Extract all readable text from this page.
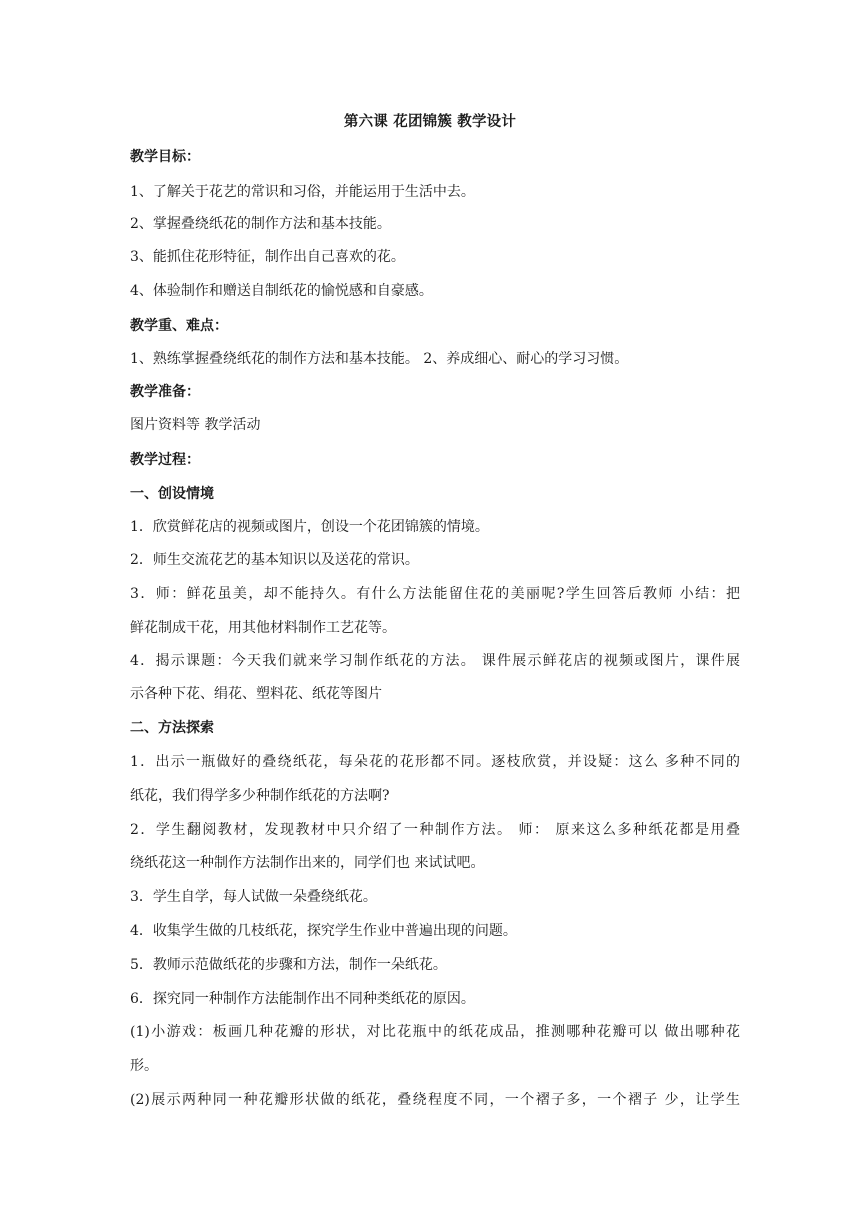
第六课 花团锦簇 教学设计
教学目标：
1、了解关于花艺的常识和习俗，并能运用于生活中去。
2、掌握叠绕纸花的制作方法和基本技能。
3、能抓住花形特征，制作出自己喜欢的花。
4、体验制作和赠送自制纸花的愉悦感和自豪感。
教学重、难点：
1、熟练掌握叠绕纸花的制作方法和基本技能。 2、养成细心、耐心的学习习惯。
教学准备：
图片资料等 教学活动
教学过程：
一、创设情境
1．欣赏鲜花店的视频或图片，创设一个花团锦簇的情境。
2．师生交流花艺的基本知识以及送花的常识。
3．师：鲜花虽美，却不能持久。有什么方法能留住花的美丽呢?学生回答后教师 小结：把
鲜花制成干花，用其他材料制作工艺花等。
4．揭示课题：今天我们就来学习制作纸花的方法。 课件展示鲜花店的视频或图片，课件展
示各种下花、绢花、塑料花、纸花等图片
二、方法探索
1．出示一瓶做好的叠绕纸花，每朵花的花形都不同。逐枝欣赏，并设疑：这么 多种不同的
纸花，我们得学多少种制作纸花的方法啊?
2．学生翻阅教材，发现教材中只介绍了一种制作方法。 师： 原来这么多种纸花都是用叠
绕纸花这一种制作方法制作出来的，同学们也 来试试吧。
3．学生自学，每人试做一朵叠绕纸花。
4．收集学生做的几枝纸花，探究学生作业中普遍出现的问题。
5．教师示范做纸花的步骤和方法，制作一朵纸花。
6．探究同一种制作方法能制作出不同种类纸花的原因。
(1)小游戏：板画几种花瓣的形状，对比花瓶中的纸花成品，推测哪种花瓣可以 做出哪种花
形。
(2)展示两种同一种花瓣形状做的纸花，叠绕程度不同，一个褶子多，一个褶子 少，让学生
